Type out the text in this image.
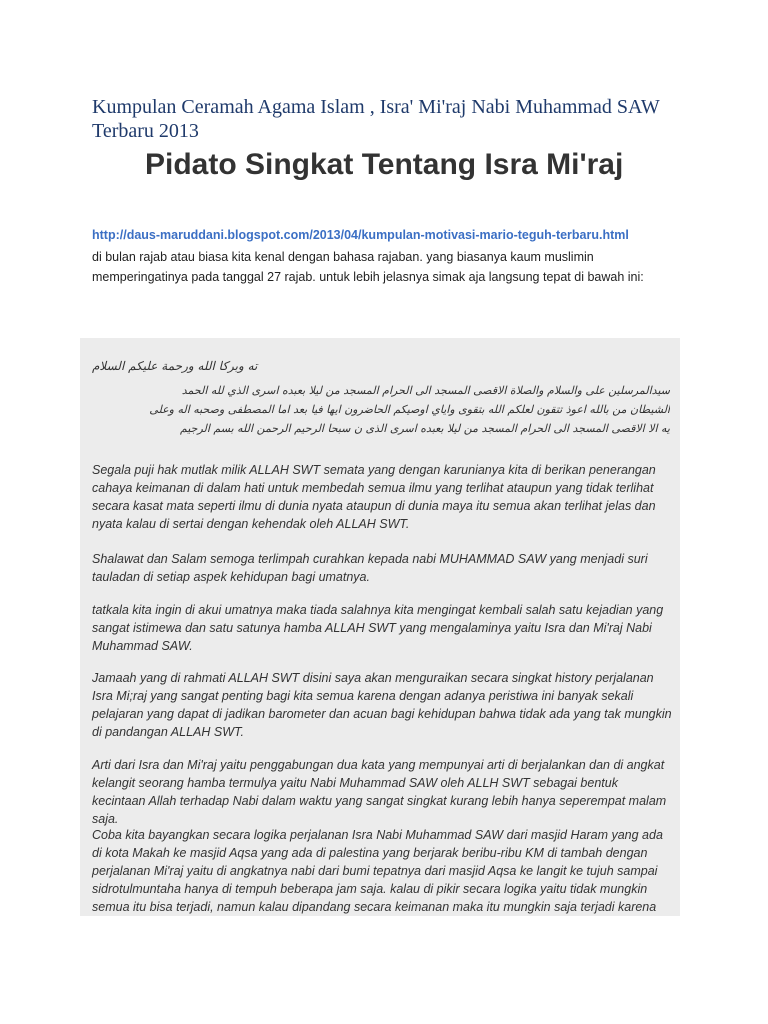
Kumpulan Ceramah Agama Islam , Isra' Mi'raj Nabi Muhammad SAW Terbaru 2013
Pidato Singkat Tentang Isra Mi'raj
http://daus-maruddani.blogspot.com/2013/04/kumpulan-motivasi-mario-teguh-terbaru.html

di bulan rajab atau biasa kita kenal dengan bahasa rajaban. yang biasanya kaum muslimin memperingatinya pada tanggal 27 rajab. untuk lebih jelasnya simak aja langsung tepat di bawah ini:

ته وبركا الله ورحمة عليكم السلام

سيدالمرسلين على والسلام والصلاة الاقصى المسجد الى الحرام المسجد من ليلا بعبده اسرى الذي لله الحمد
الشيطان من بالله اعوذ تتقون لعلكم الله بتقوى واياي اوصيكم الحاضرون ايها فيا بعد اما المصطفى وصحبه اله وعلى
يه الا الاقصى المسجد الى الحرام المسجد من ليلا بعبده اسرى الذى ن سبحا الرحيم الرحمن الله بسم الرجيم

Segala puji hak mutlak milik ALLAH SWT semata yang dengan karunianya kita di berikan penerangan cahaya keimanan di dalam hati untuk membedah semua ilmu yang terlihat ataupun yang tidak terlihat secara kasat mata seperti ilmu di dunia nyata ataupun di dunia maya itu semua akan terlihat jelas dan nyata kalau di sertai dengan kehendak oleh ALLAH SWT.

Shalawat dan Salam semoga terlimpah curahkan kepada nabi MUHAMMAD SAW yang menjadi suri tauladan di setiap aspek kehidupan bagi umatnya.

tatkala kita ingin di akui umatnya maka tiada salahnya kita mengingat kembali salah satu kejadian yang sangat istimewa dan satu satunya hamba ALLAH SWT yang mengalaminya yaitu Isra dan Mi'raj Nabi Muhammad SAW.

Jamaah yang di rahmati ALLAH SWT disini saya akan menguraikan secara singkat history perjalanan Isra Mi;raj yang sangat penting bagi kita semua karena dengan adanya peristiwa ini banyak sekali pelajaran yang dapat di jadikan barometer dan acuan bagi kehidupan bahwa tidak ada yang tak mungkin di pandangan ALLAH SWT.

Arti dari Isra dan Mi'raj yaitu penggabungan dua kata yang mempunyai arti di berjalankan dan di angkat kelangit seorang hamba termulya yaitu Nabi Muhammad SAW oleh ALLH SWT sebagai bentuk kecintaan Allah terhadap Nabi dalam waktu yang sangat singkat kurang lebih hanya seperempat malam saja.

Coba kita bayangkan secara logika perjalanan Isra Nabi Muhammad SAW dari masjid Haram yang ada di kota Makah ke masjid Aqsa yang ada di palestina yang berjarak beribu-ribu KM di tambah dengan perjalanan Mi'raj yaitu di angkatnya nabi dari bumi tepatnya dari masjid Aqsa ke langit ke tujuh sampai sidrotulmuntaha hanya di tempuh beberapa jam saja. kalau di pikir secara logika yaitu tidak mungkin semua itu bisa terjadi, namun kalau dipandang secara keimanan maka itu mungkin saja terjadi karena
